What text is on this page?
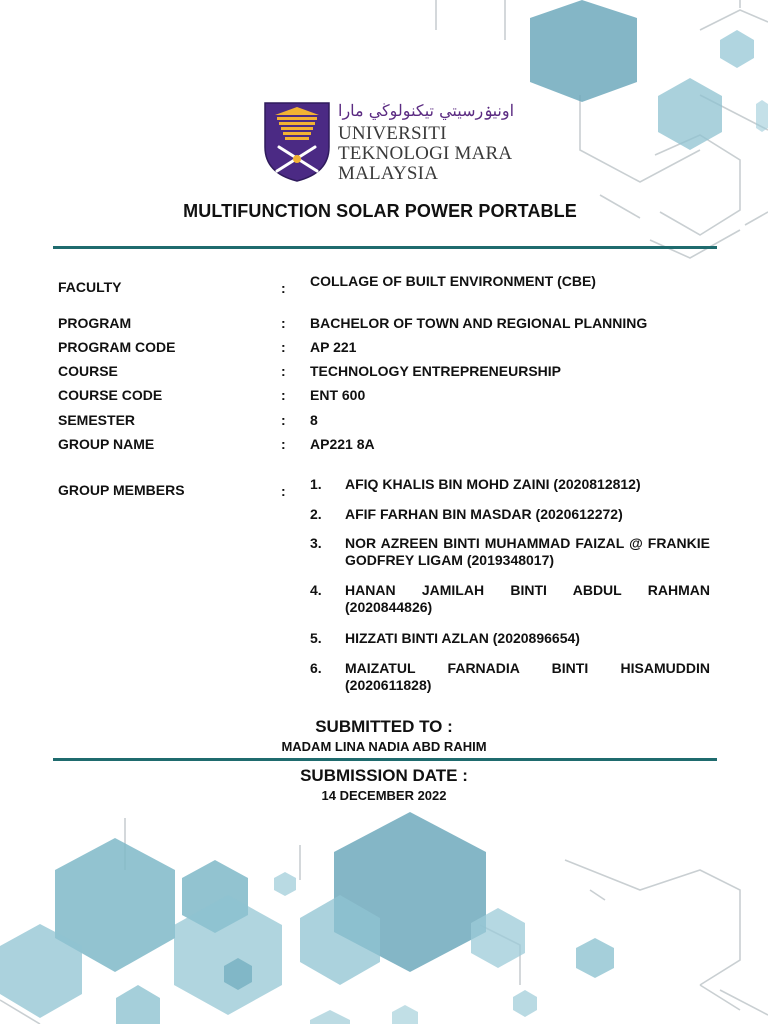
اونيۏرسيتي تيكنولوڬي مارا
UNIVERSITI
TEKNOLOGI MARA
MALAYSIA
MULTIFUNCTION SOLAR POWER PORTABLE
FACULTY	: COLLAGE OF BUILT ENVIRONMENT (CBE)
PROGRAM	: BACHELOR OF TOWN AND REGIONAL PLANNING
PROGRAM CODE	: AP 221
COURSE	: TECHNOLOGY ENTREPRENEURSHIP
COURSE CODE	: ENT 600
SEMESTER	: 8
GROUP NAME	: AP221 8A
GROUP MEMBERS	: 1. AFIQ KHALIS BIN MOHD ZAINI (2020812812)
2. AFIF FARHAN BIN MASDAR (2020612272)
3. NOR AZREEN BINTI MUHAMMAD FAIZAL @ FRANKIE GODFREY LIGAM (2019348017)
4. HANAN JAMILAH BINTI ABDUL RAHMAN (2020844826)
5. HIZZATI BINTI AZLAN (2020896654)
6. MAIZATUL FARNADIA BINTI HISAMUDDIN (2020611828)
SUBMITTED TO :
MADAM LINA NADIA ABD RAHIM
SUBMISSION DATE :
14 DECEMBER 2022
